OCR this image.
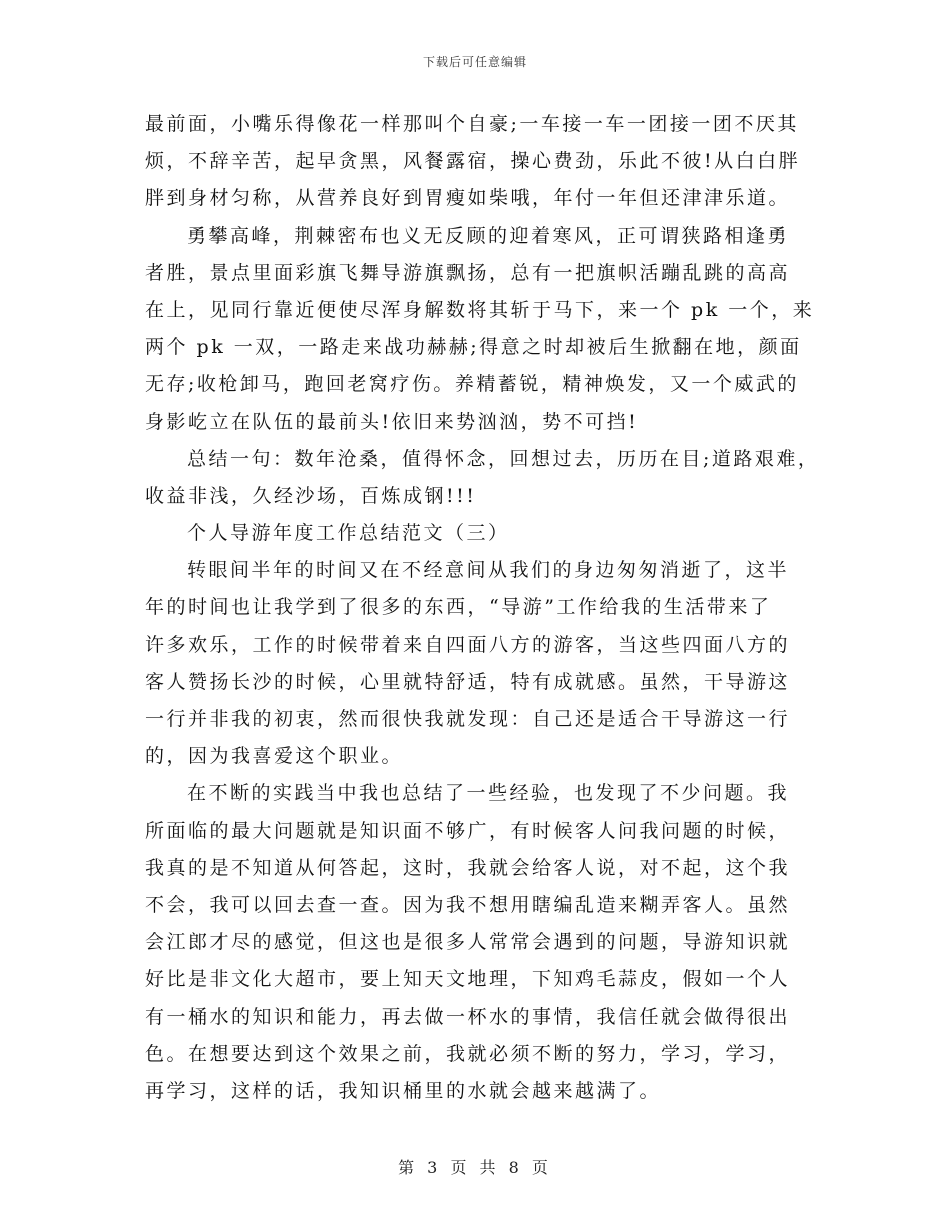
下载后可任意编辑
最前面，小嘴乐得像花一样那叫个自豪;一车接一车一团接一团不厌其
烦，不辞辛苦，起早贪黑，风餐露宿，操心费劲，乐此不彼!从白白胖
胖到身材匀称，从营养良好到胃瘦如柴哦，年付一年但还津津乐道。
勇攀高峰，荆棘密布也义无反顾的迎着寒风，正可谓狭路相逢勇
者胜，景点里面彩旗飞舞导游旗飘扬，总有一把旗帜活蹦乱跳的高高
在上，见同行靠近便使尽浑身解数将其斩于马下，来一个 pk 一个，来
两个 pk 一双，一路走来战功赫赫;得意之时却被后生掀翻在地，颜面
无存;收枪卸马，跑回老窝疗伤。养精蓄锐，精神焕发，又一个威武的
身影屹立在队伍的最前头!依旧来势汹汹，势不可挡!
总结一句：数年沧桑，值得怀念，回想过去，历历在目;道路艰难，
收益非浅，久经沙场，百炼成钢!!!
个人导游年度工作总结范文（三）
转眼间半年的时间又在不经意间从我们的身边匆匆消逝了，这半
年的时间也让我学到了很多的东西，“导游”工作给我的生活带来了
许多欢乐，工作的时候带着来自四面八方的游客，当这些四面八方的
客人赞扬长沙的时候，心里就特舒适，特有成就感。虽然，干导游这
一行并非我的初衷，然而很快我就发现：自己还是适合干导游这一行
的，因为我喜爱这个职业。
在不断的实践当中我也总结了一些经验，也发现了不少问题。我
所面临的最大问题就是知识面不够广，有时候客人问我问题的时候，
我真的是不知道从何答起，这时，我就会给客人说，对不起，这个我
不会，我可以回去查一查。因为我不想用瞎编乱造来糊弄客人。虽然
会江郎才尽的感觉，但这也是很多人常常会遇到的问题，导游知识就
好比是非文化大超市，要上知天文地理，下知鸡毛蒜皮，假如一个人
有一桶水的知识和能力，再去做一杯水的事情，我信任就会做得很出
色。在想要达到这个效果之前，我就必须不断的努力，学习，学习，
再学习，这样的话，我知识桶里的水就会越来越满了。
第 3 页 共 8 页
